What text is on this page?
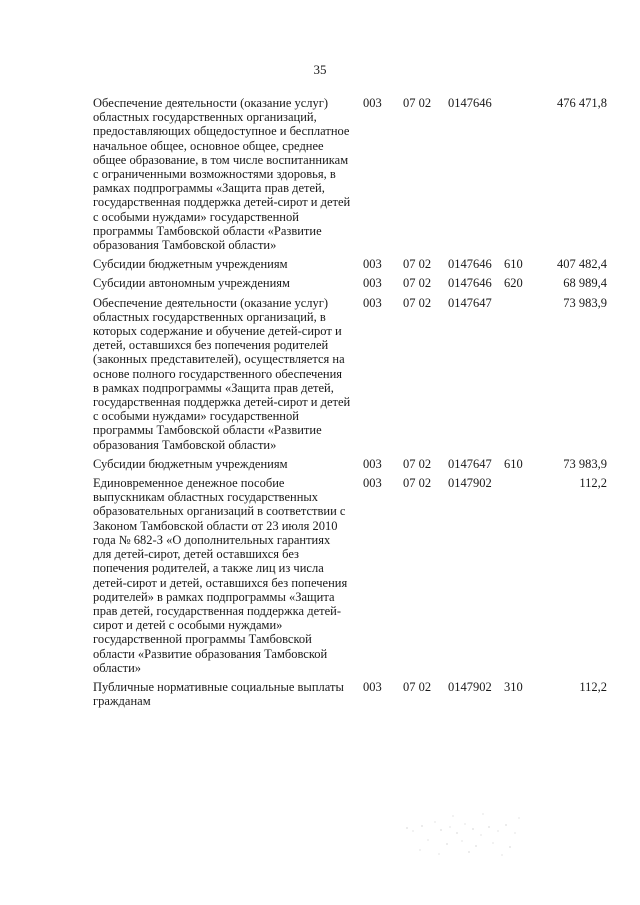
35
Обеспечение деятельности (оказание услуг) областных государственных организаций, предоставляющих общедоступное и бесплатное начальное общее, основное общее, среднее общее образование, в том числе воспитанникам с ограниченными возможностями здоровья, в рамках подпрограммы «Защита прав детей, государственная поддержка детей-сирот и детей с особыми нуждами» государственной программы Тамбовской области «Развитие образования Тамбовской области»	003	07 02	0147646		476 471,8
Субсидии бюджетным учреждениям	003	07 02	0147646	610	407 482,4
Субсидии автономным учреждениям	003	07 02	0147646	620	68 989,4
Обеспечение деятельности (оказание услуг) областных государственных организаций, в которых содержание и обучение детей-сирот и детей, оставшихся без попечения родителей (законных представителей), осуществляется на основе полного государственного обеспечения в рамках подпрограммы «Защита прав детей, государственная поддержка детей-сирот и детей с особыми нуждами» государственной программы Тамбовской области «Развитие образования Тамбовской области»	003	07 02	0147647		73 983,9
Субсидии бюджетным учреждениям	003	07 02	0147647	610	73 983,9
Единовременное денежное пособие выпускникам областных государственных образовательных организаций в соответствии с Законом Тамбовской области от 23 июля 2010 года № 682-З «О дополнительных гарантиях для детей-сирот, детей оставшихся без попечения родителей, а также лиц из числа детей-сирот и детей, оставшихся без попечения родителей» в рамках подпрограммы «Защита прав детей, государственная поддержка детей-сирот и детей с особыми нуждами» государственной программы Тамбовской области «Развитие образования Тамбовской области»	003	07 02	0147902		112,2
Публичные нормативные социальные выплаты гражданам	003	07 02	0147902	310	112,2
